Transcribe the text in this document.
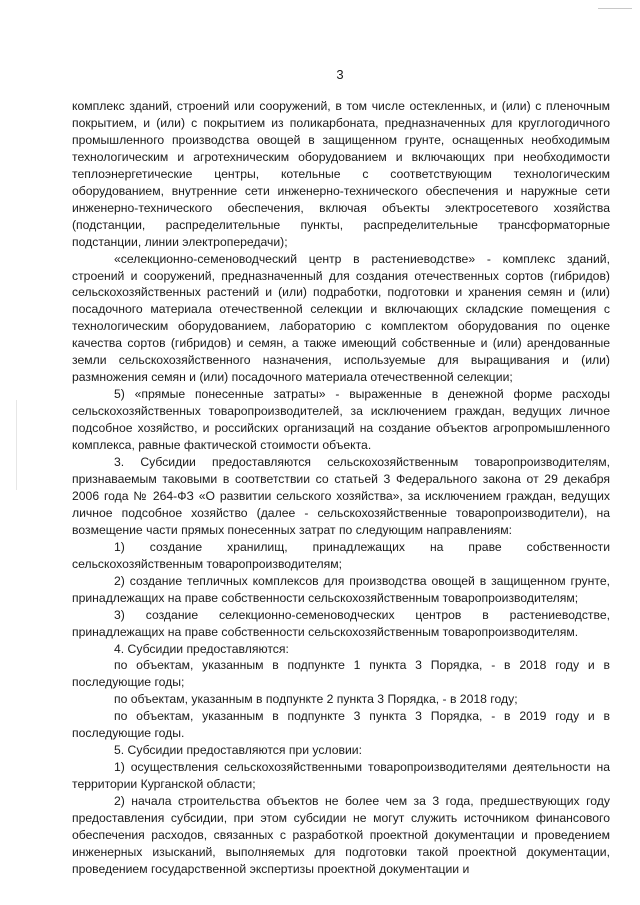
3

комплекс зданий, строений или сооружений, в том числе остекленных, и (или) с пленочным покрытием, и (или) с покрытием из поликарбоната, предназначенных для круглогодичного промышленного производства овощей в защищенном грунте, оснащенных необходимым технологическим и агротехническим оборудованием и включающих при необходимости теплоэнергетические центры, котельные с соответствующим технологическим оборудованием, внутренние сети инженерно-технического обеспечения и наружные сети инженерно-технического обеспечения, включая объекты электросетевого хозяйства (подстанции, распределительные пункты, распределительные трансформаторные подстанции, линии электропередачи);

«селекционно-семеноводческий центр в растениеводстве» - комплекс зданий, строений и сооружений, предназначенный для создания отечественных сортов (гибридов) сельскохозяйственных растений и (или) подработки, подготовки и хранения семян и (или) посадочного материала отечественной селекции и включающих складские помещения с технологическим оборудованием, лабораторию с комплектом оборудования по оценке качества сортов (гибридов) и семян, а также имеющий собственные и (или) арендованные земли сельскохозяйственного назначения, используемые для выращивания и (или) размножения семян и (или) посадочного материала отечественной селекции;

5) «прямые понесенные затраты» - выраженные в денежной форме расходы сельскохозяйственных товаропроизводителей, за исключением граждан, ведущих личное подсобное хозяйство, и российских организаций на создание объектов агропромышленного комплекса, равные фактической стоимости объекта.

3. Субсидии предоставляются сельскохозяйственным товаропроизводителям, признаваемым таковыми в соответствии со статьей 3 Федерального закона от 29 декабря 2006 года № 264-ФЗ «О развитии сельского хозяйства», за исключением граждан, ведущих личное подсобное хозяйство (далее - сельскохозяйственные товаропроизводители), на возмещение части прямых понесенных затрат по следующим направлениям:

1) создание хранилищ, принадлежащих на праве собственности сельскохозяйственным товаропроизводителям;

2) создание тепличных комплексов для производства овощей в защищенном грунте, принадлежащих на праве собственности сельскохозяйственным товаропроизводителям;

3) создание селекционно-семеноводческих центров в растениеводстве, принадлежащих на праве собственности сельскохозяйственным товаропроизводителям.

4. Субсидии предоставляются:

по объектам, указанным в подпункте 1 пункта 3 Порядка, - в 2018 году и в последующие годы;

по объектам, указанным в подпункте 2 пункта 3 Порядка, - в 2018 году;

по объектам, указанным в подпункте 3 пункта 3 Порядка, - в 2019 году и в последующие годы.

5. Субсидии предоставляются при условии:

1) осуществления сельскохозяйственными товаропроизводителями деятельности на территории Курганской области;

2) начала строительства объектов не более чем за 3 года, предшествующих году предоставления субсидии, при этом субсидии не могут служить источником финансового обеспечения расходов, связанных с разработкой проектной документации и проведением инженерных изысканий, выполняемых для подготовки такой проектной документации, проведением государственной экспертизы проектной документации и
